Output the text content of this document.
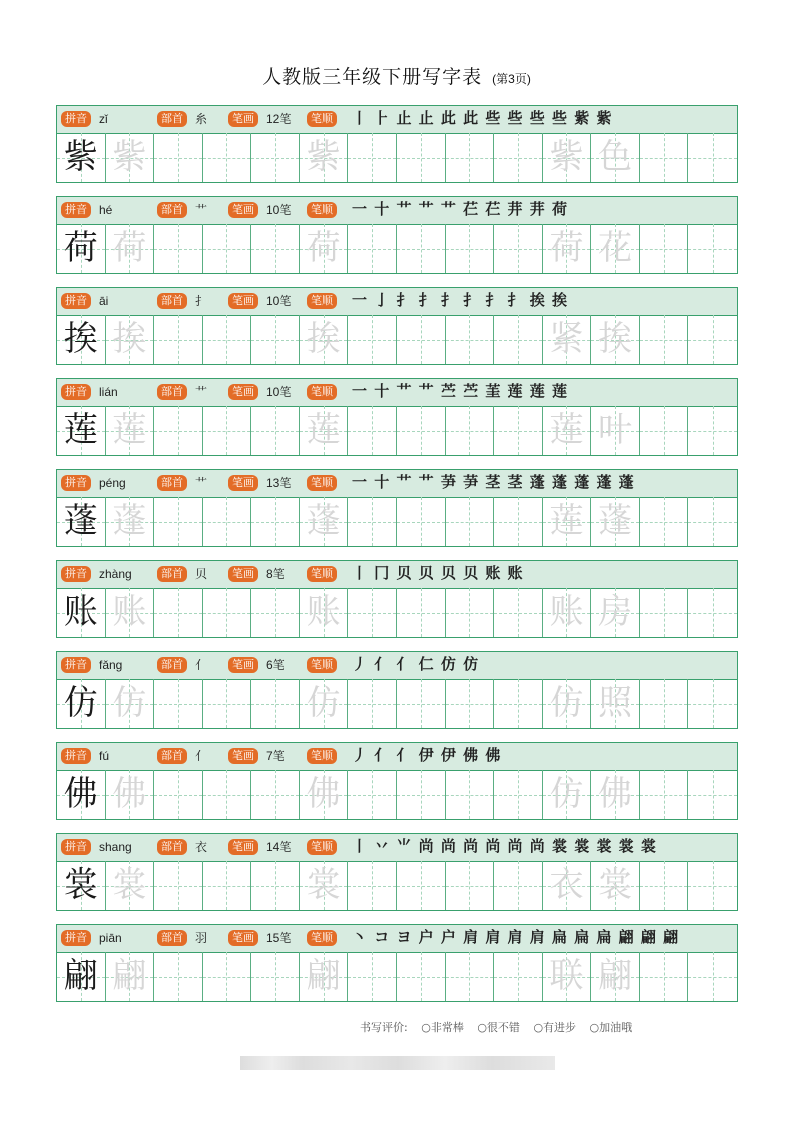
人教版三年级下册写字表 (第3页)
拼音	zǐ	部首	糸	笔画	12笔	笔顺 丨 ⺊ 止 止 此 此 些 些 些 些 紫 紫
紫 紫	紫	紫 色
拼音	hé	部首	艹	笔画	10笔	笔顺 一 十 艹 艹 艹 芢 芢 茾 茾 荷
荷 荷	荷	荷 花
拼音	āi	部首	扌	笔画	10笔	笔顺 一 亅 扌 扌 扌 扌 扌 扌 挨 挨
挨 挨	挨	紧 挨
拼音	lián	部首	艹	笔画	10笔	笔顺 一 十 艹 艹 苎 苎 茥 莲 莲 莲
莲 莲	莲	莲 叶
拼音	péng	部首	艹	笔画	13笔	笔顺 一 十 艹 艹 芛 芛 茎 茎 蓬 蓬 蓬 蓬 蓬
蓬 蓬	蓬	莲 蓬
拼音	zhàng	部首	贝	笔画	8笔	笔顺 丨 冂 贝 贝 贝 贝 账 账
账 账	账	账 房
拼音	fǎng	部首	亻	笔画	6笔	笔顺 丿 亻 亻 仁 仿 仿
仿 仿	仿	仿 照
拼音	fú	部首	亻	笔画	7笔	笔顺 丿 亻 亻 伊 伊 佛 佛
佛 佛	佛	仿 佛
拼音	shang	部首	衣	笔画	14笔	笔顺 丨 丷 ⺌ 尚 尚 尚 尚 尚 尚 裳 裳 裳 裳 裳
裳 裳	裳	衣 裳
拼音	piān	部首	羽	笔画	15笔	笔顺 丶 コ ヨ 户 户 肩 肩 肩 肩 扁 扁 扁 翩 翩 翩
翩 翩	翩	联 翩
书写评价: ○非常棒 ○很不错 ○有进步 ○加油哦
